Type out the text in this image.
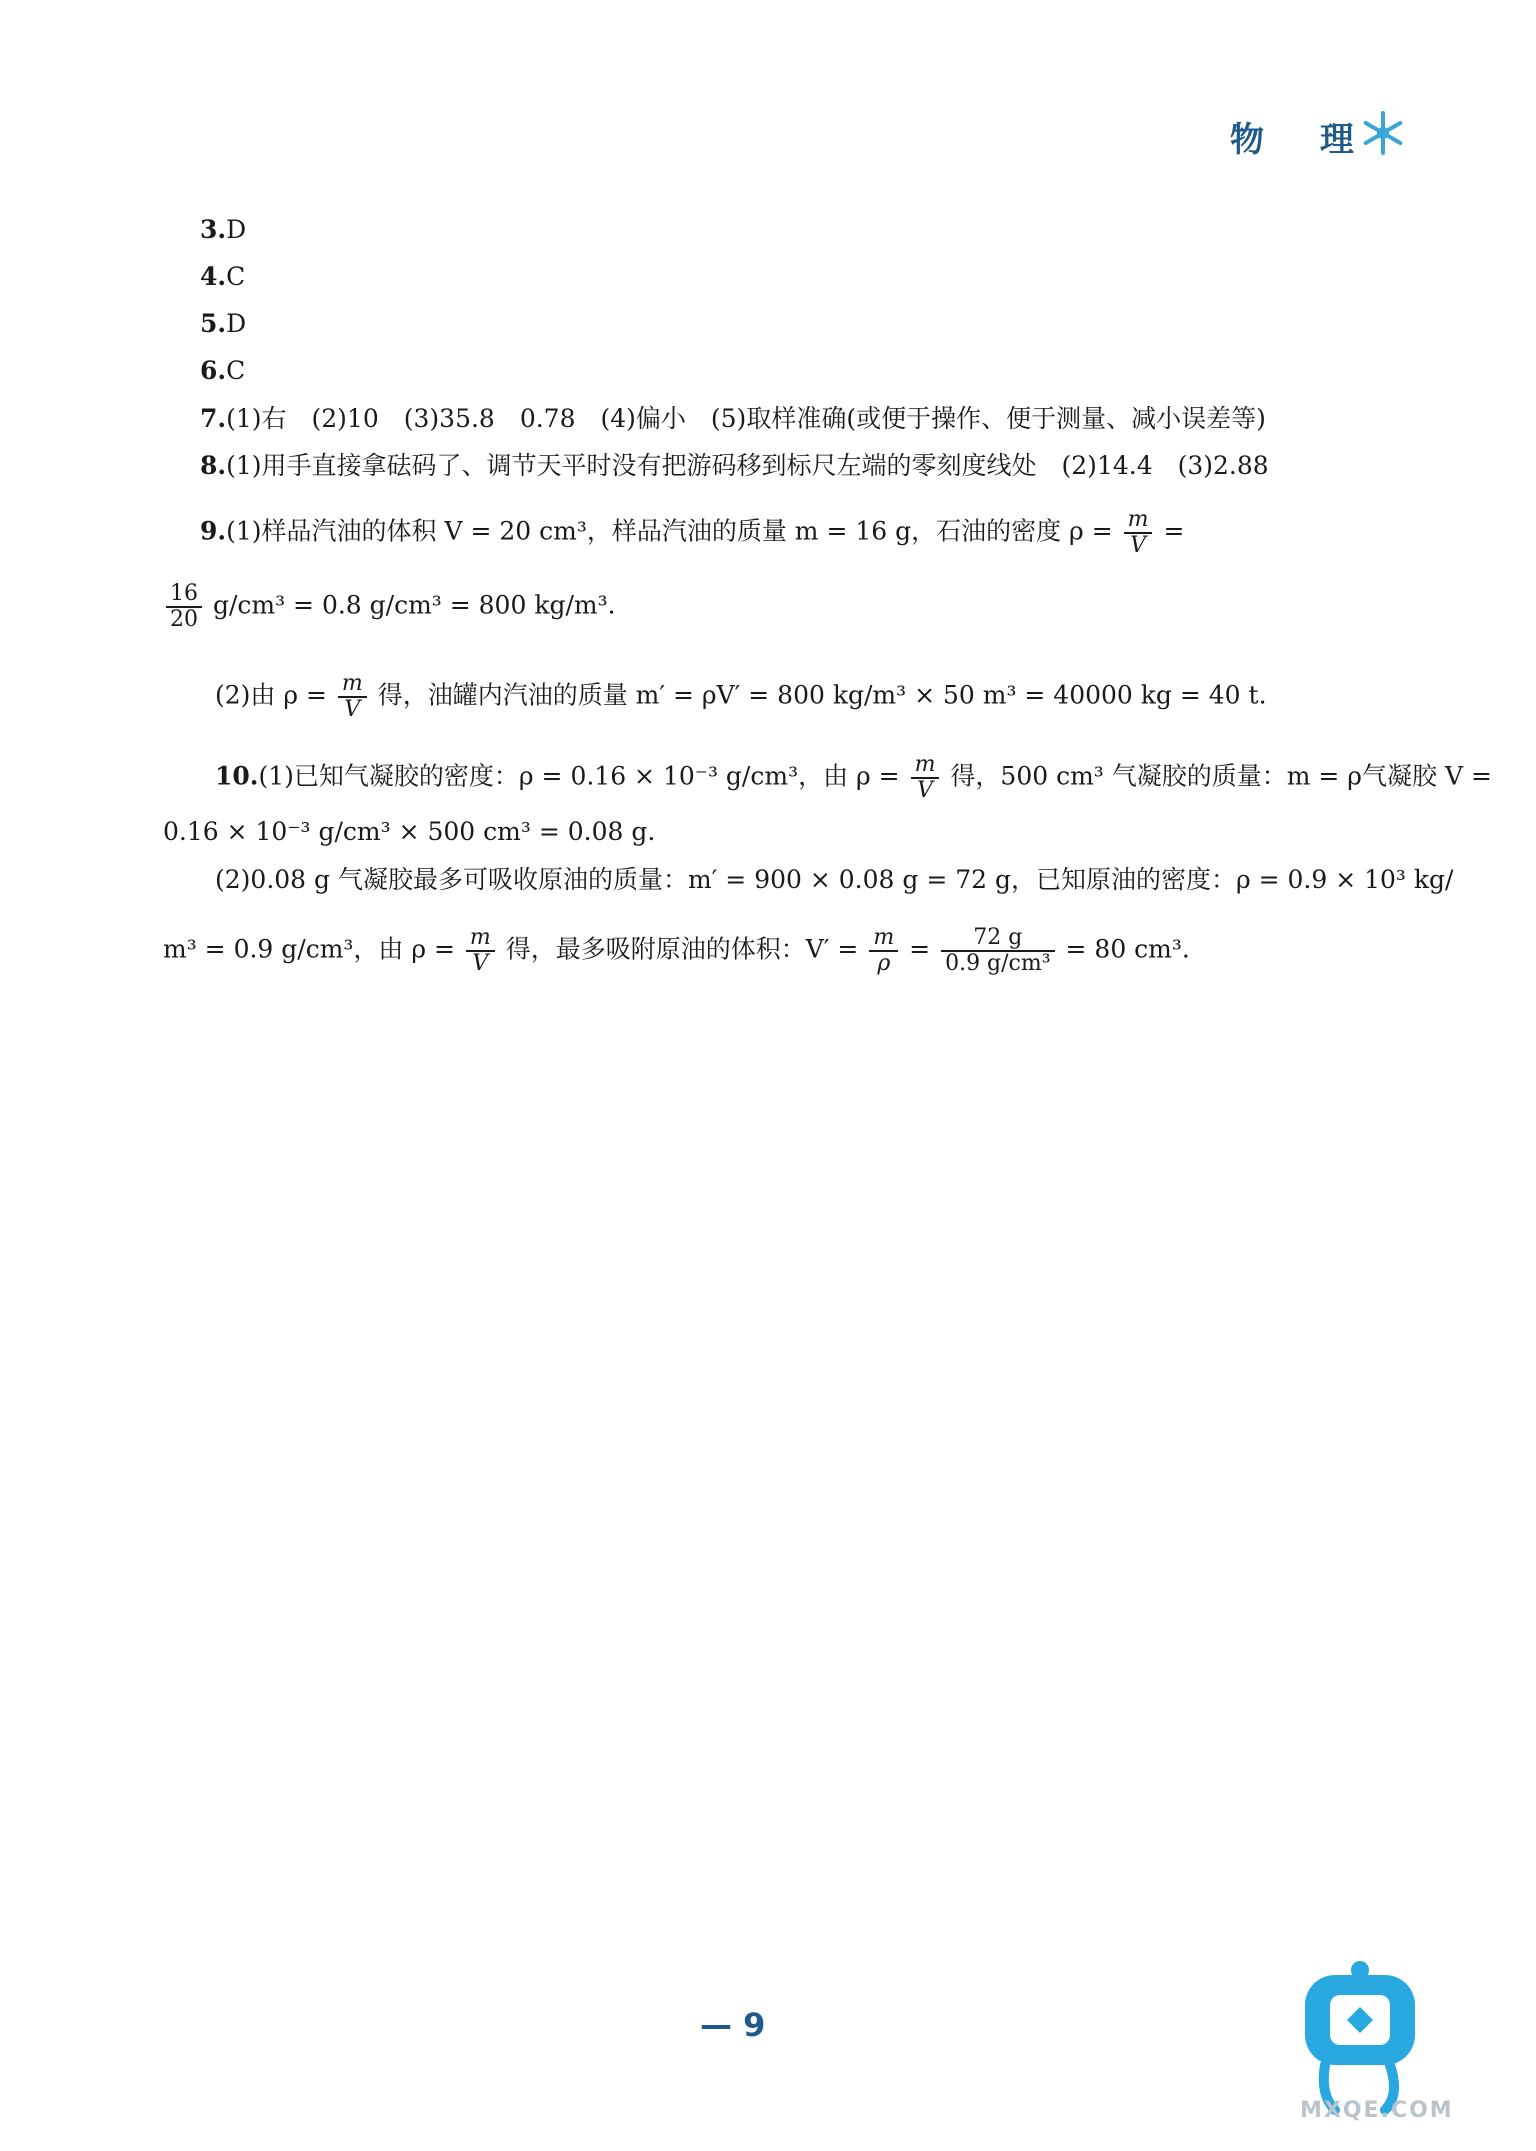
物 理
3.D
4.C
5.D
6.C
7.(1)右　(2)10　(3)35.8　0.78　(4)偏小　(5)取样准确(或便于操作、便于测量、减小误差等)
8.(1)用手直接拿砝码了、调节天平时没有把游码移到标尺左端的零刻度线处　(2)14.4　(3)2.88
9.(1)样品汽油的体积 V = 20 cm³，样品汽油的质量 m = 16 g，石油的密度 $\rho = \frac{m}{V}$ =
$\frac{16}{20} g/cm^3 = 0.8$ g/cm³ = 800 kg/m³.
(2)由 $\rho = \frac{m}{V}$ 得，油罐内汽油的质量 m′ = ρV′ = 800 kg/m³ × 50 m³ = 40000 kg = 40 t.
10.(1)已知气凝胶的密度：ρ = 0.16 × 10⁻³ g/cm³，由 $\rho = \frac{m}{V}$ 得，500 cm³ 气凝胶的质量：m = ρ气凝胶 V =
0.16 × 10⁻³ g/cm³ × 500 cm³ = 0.08 g.
(2)0.08 g 气凝胶最多可吸收原油的质量：m′ = 900 × 0.08 g = 72 g，已知原油的密度：ρ = 0.9 × 10³ kg/
m³ = 0.9 g/cm³，由 $\rho = \frac{m}{V}$ 得，最多吸附原油的体积：$V' = \frac{m}{\rho} = \frac{72 g}{\text{0.9 g/cm³}} = 80$ cm³.
— 9
MXQE.COM
